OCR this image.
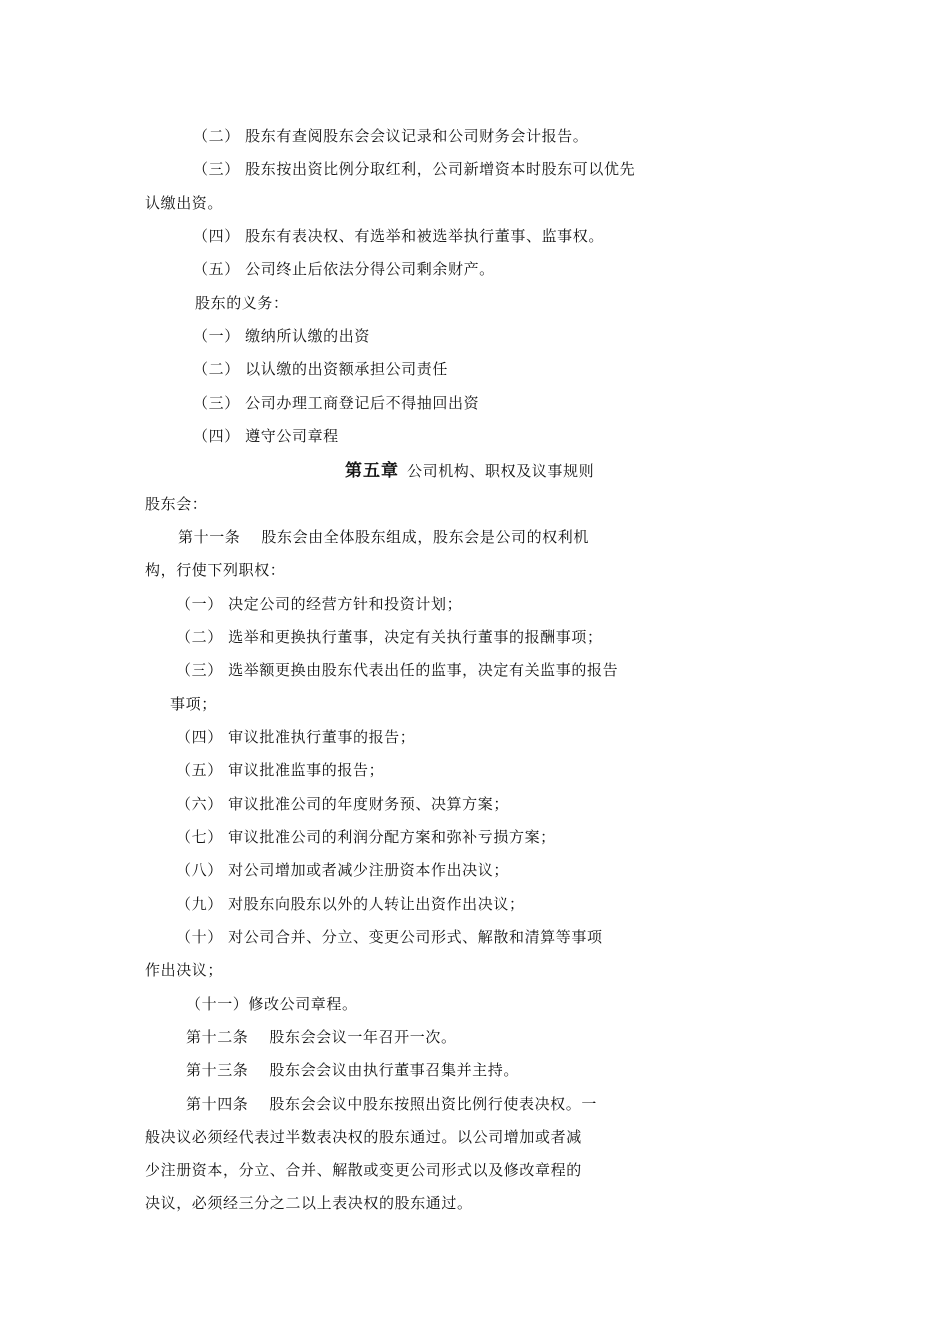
（二） 股东有查阅股东会会议记录和公司财务会计报告。
（三） 股东按出资比例分取红利，公司新增资本时股东可以优先
认缴出资。
（四） 股东有表决权、有选举和被选举执行董事、监事权。
（五） 公司终止后依法分得公司剩余财产。
股东的义务：
（一） 缴纳所认缴的出资
（二） 以认缴的出资额承担公司责任
（三） 公司办理工商登记后不得抽回出资
（四） 遵守公司章程
第五章 公司机构、职权及议事规则
股东会：
第十一条　 股东会由全体股东组成，股东会是公司的权利机
构，行使下列职权：
（一） 决定公司的经营方针和投资计划；
（二） 选举和更换执行董事，决定有关执行董事的报酬事项；
（三） 选举额更换由股东代表出任的监事，决定有关监事的报告
事项；
（四） 审议批准执行董事的报告；
（五） 审议批准监事的报告；
（六） 审议批准公司的年度财务预、决算方案；
（七） 审议批准公司的利润分配方案和弥补亏损方案；
（八） 对公司增加或者减少注册资本作出决议；
（九） 对股东向股东以外的人转让出资作出决议；
（十） 对公司合并、分立、变更公司形式、解散和清算等事项
作出决议；
（十一）修改公司章程。
第十二条　 股东会会议一年召开一次。
第十三条　 股东会会议由执行董事召集并主持。
第十四条　 股东会会议中股东按照出资比例行使表决权。一
般决议必须经代表过半数表决权的股东通过。以公司增加或者减
少注册资本，分立、合并、解散或变更公司形式以及修改章程的
决议，必须经三分之二以上表决权的股东通过。
